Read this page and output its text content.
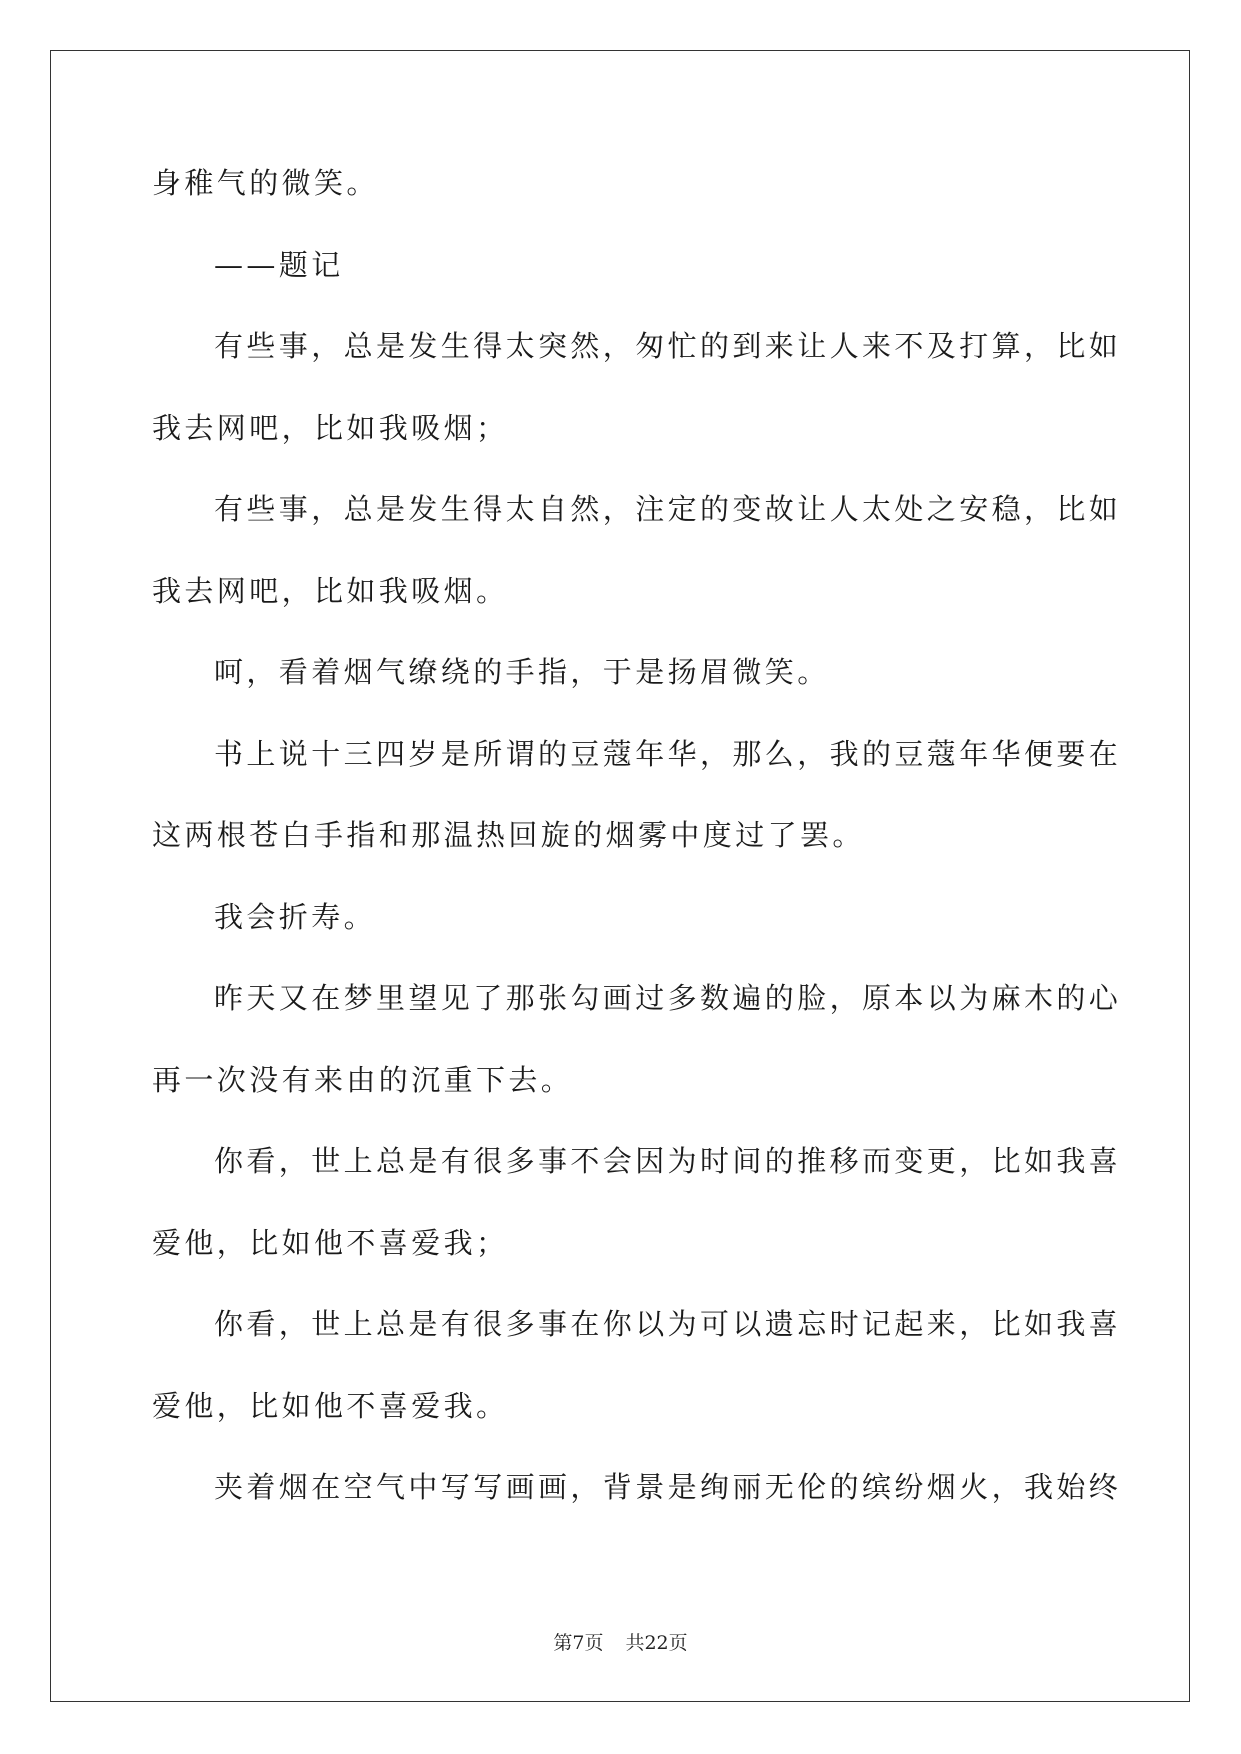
身稚气的微笑。
——题记
有些事，总是发生得太突然，匆忙的到来让人来不及打算，比如
我去网吧，比如我吸烟；
有些事，总是发生得太自然，注定的变故让人太处之安稳，比如
我去网吧，比如我吸烟。
呵，看着烟气缭绕的手指，于是扬眉微笑。
书上说十三四岁是所谓的豆蔻年华，那么，我的豆蔻年华便要在
这两根苍白手指和那温热回旋的烟雾中度过了罢。
我会折寿。
昨天又在梦里望见了那张勾画过多数遍的脸，原本以为麻木的心
再一次没有来由的沉重下去。
你看，世上总是有很多事不会因为时间的推移而变更，比如我喜
爱他，比如他不喜爱我；
你看，世上总是有很多事在你以为可以遗忘时记起来，比如我喜
爱他，比如他不喜爱我。
夹着烟在空气中写写画画，背景是绚丽无伦的缤纷烟火，我始终
第7页 共22页
